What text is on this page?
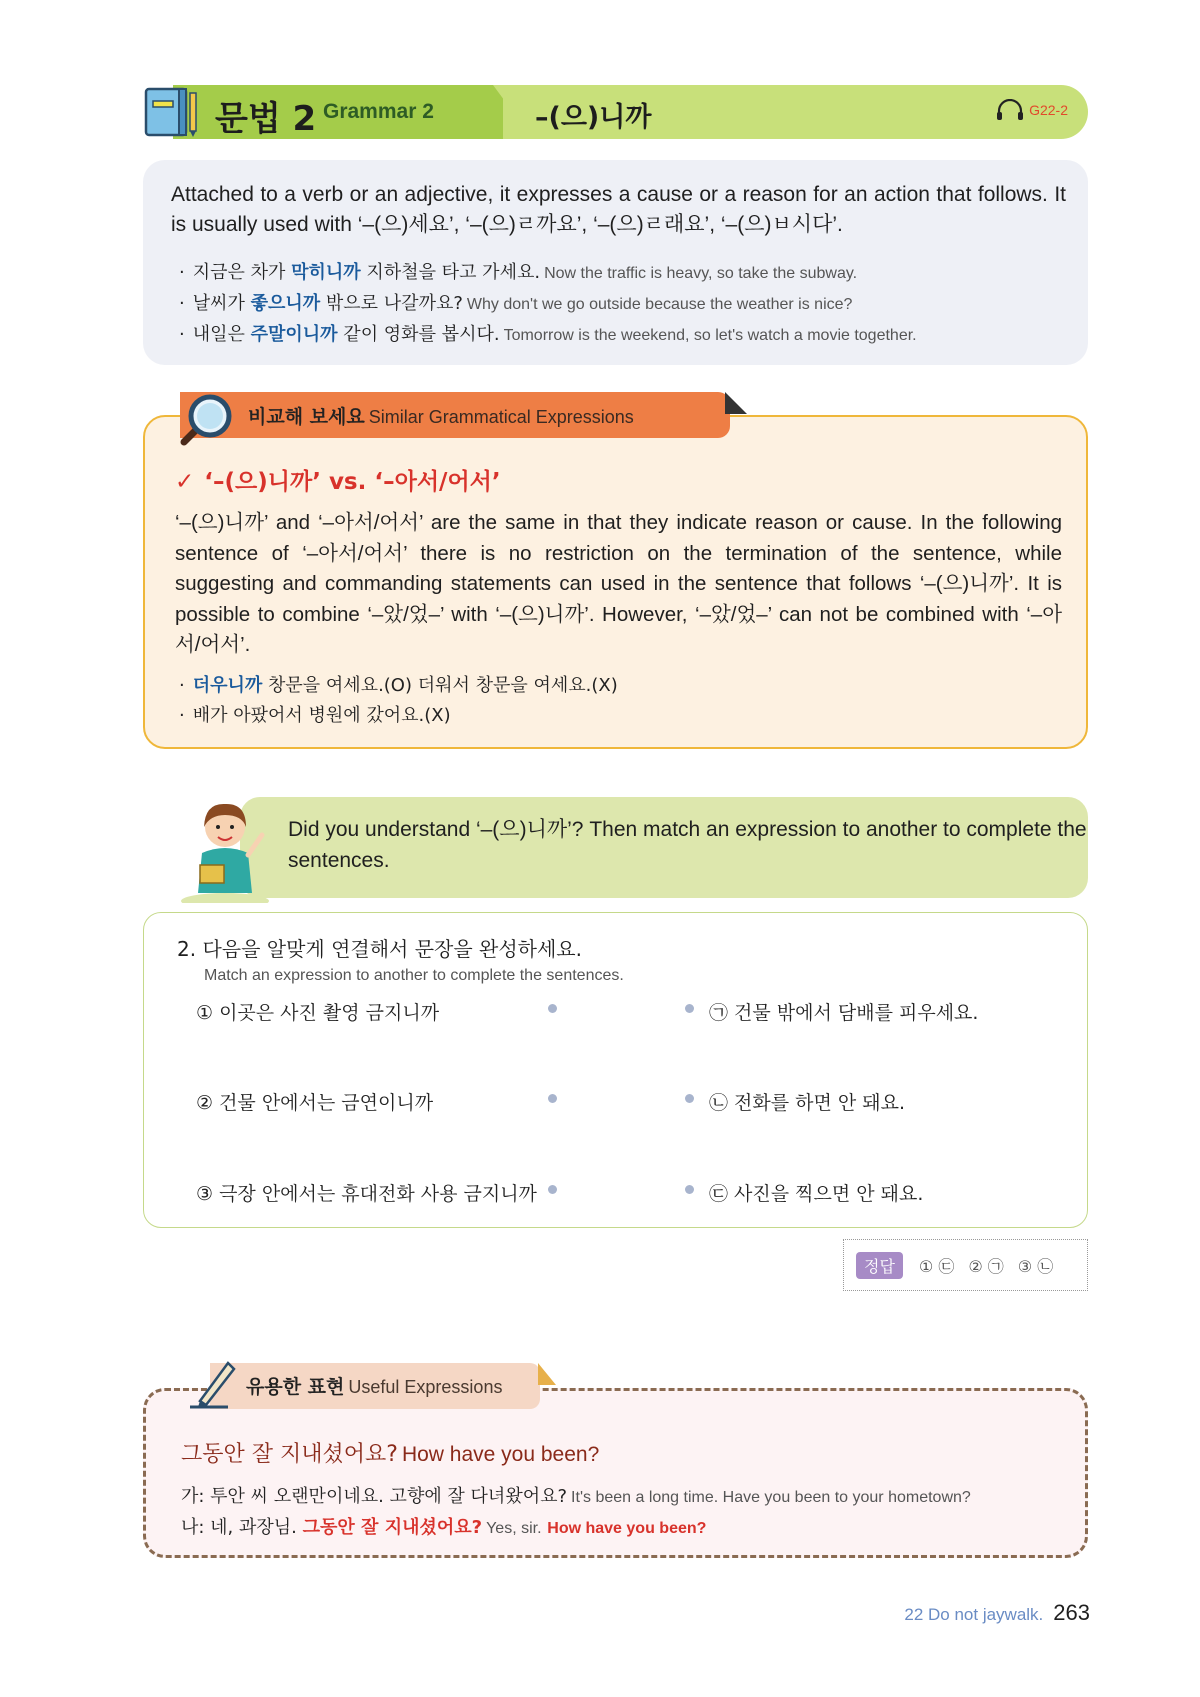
문법 2 Grammar 2	–(으)니까	G22-2

Attached to a verb or an adjective, it expresses a cause or a reason for an action that follows. It is usually used with ‘–(으)세요’, ‘–(으)ㄹ까요’, ‘–(으)ㄹ래요’, ‘–(으)ㅂ시다’.

· 지금은 차가 막히니까 지하철을 타고 가세요. Now the traffic is heavy, so take the subway.
· 날씨가 좋으니까 밖으로 나갈까요? Why don't we go outside because the weather is nice?
· 내일은 주말이니까 같이 영화를 봅시다. Tomorrow is the weekend, so let's watch a movie together.
✓ ‘–(으)니까’ vs. ‘–아서/어서’

‘–(으)니까’ and ‘–아서/어서’ are the same in that they indicate reason or cause. In the following sentence of ‘–아서/어서’ there is no restriction on the termination of the sentence, while suggesting and commanding statements can used in the sentence that follows ‘–(으)니까’. It is possible to combine ‘–았/었–’ with ‘–(으)니까’. However, ‘–았/었–’ can not be combined with ‘–아서/어서’.

· 더우니까 창문을 여세요.(O) 더워서 창문을 여세요.(X)
· 배가 아팠어서 병원에 갔어요.(X)
비교해 보세요 Similar Grammatical Expressions
Did you understand ‘–(으)니까’? Then match an expression to another to complete the sentences.
2. 다음을 알맞게 연결해서 문장을 완성하세요.
Match an expression to another to complete the sentences.
① 이곳은 사진 촬영 금지니까
② 건물 안에서는 금연이니까
③ 극장 안에서는 휴대전화 사용 금지니까
㉠ 건물 밖에서 담배를 피우세요.
㉡ 전화를 하면 안 돼요.
㉢ 사진을 찍으면 안 돼요.
정답	① ㉢ ② ㉠ ③ ㉡
그동안 잘 지내셨어요? How have you been?
가: 투안 씨 오랜만이네요. 고향에 잘 다녀왔어요? It's been a long time. Have you been to your hometown?
나: 네, 과장님. 그동안 잘 지내셨어요? Yes, sir. How have you been?
유용한 표현 Useful Expressions
22 Do not jaywalk. 263
